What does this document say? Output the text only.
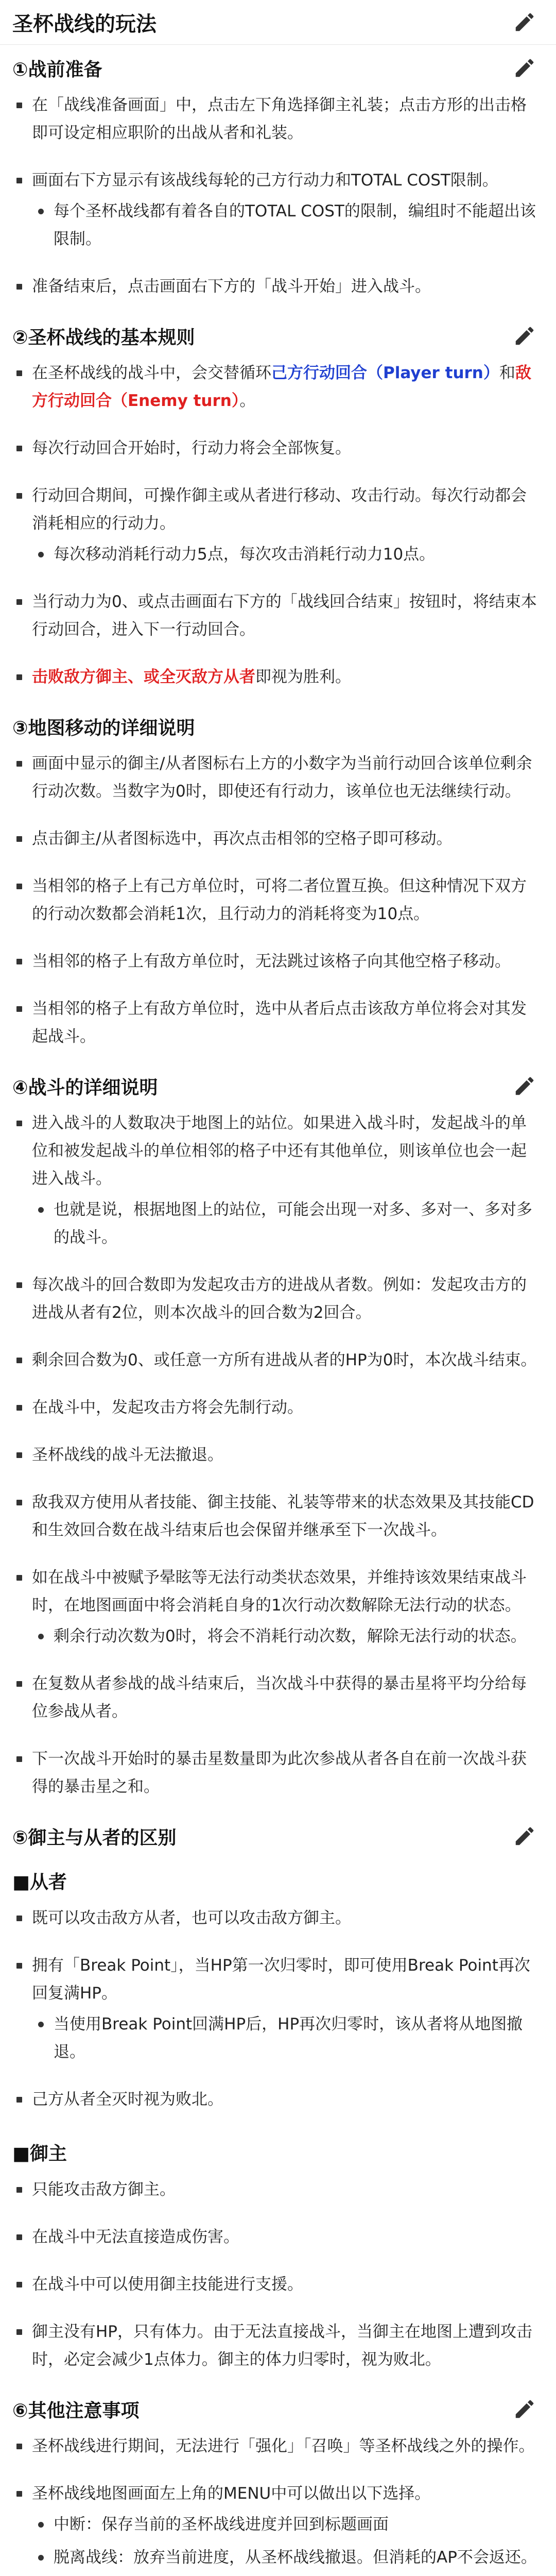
圣杯战线的玩法
①战前准备
在「战线准备画面」中，点击左下角选择御主礼装；点击方形的出击格即可设定相应职阶的出战从者和礼装。
画面右下方显示有该战线每轮的己方行动力和TOTAL COST限制。
每个圣杯战线都有着各自的TOTAL COST的限制，编组时不能超出该限制。
准备结束后，点击画面右下方的「战斗开始」进入战斗。
②圣杯战线的基本规则
在圣杯战线的战斗中，会交替循环己方行动回合（Player turn）和敌方行动回合（Enemy turn）。
每次行动回合开始时，行动力将会全部恢复。
行动回合期间，可操作御主或从者进行移动、攻击行动。每次行动都会消耗相应的行动力。
每次移动消耗行动力5点，每次攻击消耗行动力10点。
当行动力为0、或点击画面右下方的「战线回合结束」按钮时，将结束本行动回合，进入下一行动回合。
击败敌方御主、或全灭敌方从者即视为胜利。
③地图移动的详细说明
画面中显示的御主/从者图标右上方的小数字为当前行动回合该单位剩余行动次数。当数字为0时，即使还有行动力，该单位也无法继续行动。
点击御主/从者图标选中，再次点击相邻的空格子即可移动。
当相邻的格子上有己方单位时，可将二者位置互换。但这种情况下双方的行动次数都会消耗1次，且行动力的消耗将变为10点。
当相邻的格子上有敌方单位时，无法跳过该格子向其他空格子移动。
当相邻的格子上有敌方单位时，选中从者后点击该敌方单位将会对其发起战斗。
④战斗的详细说明
进入战斗的人数取决于地图上的站位。如果进入战斗时，发起战斗的单位和被发起战斗的单位相邻的格子中还有其他单位，则该单位也会一起进入战斗。
也就是说，根据地图上的站位，可能会出现一对多、多对一、多对多的战斗。
每次战斗的回合数即为发起攻击方的进战从者数。例如：发起攻击方的进战从者有2位，则本次战斗的回合数为2回合。
剩余回合数为0、或任意一方所有进战从者的HP为0时，本次战斗结束。
在战斗中，发起攻击方将会先制行动。
圣杯战线的战斗无法撤退。
敌我双方使用从者技能、御主技能、礼装等带来的状态效果及其技能CD和生效回合数在战斗结束后也会保留并继承至下一次战斗。
如在战斗中被赋予晕眩等无法行动类状态效果，并维持该效果结束战斗时，在地图画面中将会消耗自身的1次行动次数解除无法行动的状态。
剩余行动次数为0时，将会不消耗行动次数，解除无法行动的状态。
在复数从者参战的战斗结束后，当次战斗中获得的暴击星将平均分给每位参战从者。
下一次战斗开始时的暴击星数量即为此次参战从者各自在前一次战斗获得的暴击星之和。
⑤御主与从者的区别
■从者
既可以攻击敌方从者，也可以攻击敌方御主。
拥有「Break Point」，当HP第一次归零时，即可使用Break Point再次回复满HP。
当使用Break Point回满HP后，HP再次归零时，该从者将从地图撤退。
己方从者全灭时视为败北。
■御主
只能攻击敌方御主。
在战斗中无法直接造成伤害。
在战斗中可以使用御主技能进行支援。
御主没有HP，只有体力。由于无法直接战斗，当御主在地图上遭到攻击时，必定会减少1点体力。御主的体力归零时，视为败北。
⑥其他注意事项
圣杯战线进行期间，无法进行「强化」「召唤」等圣杯战线之外的操作。
圣杯战线地图画面左上角的MENU中可以做出以下选择。
中断：保存当前的圣杯战线进度并回到标题画面
脱离战线：放弃当前进度，从圣杯战线撤退。但消耗的AP不会返还。
